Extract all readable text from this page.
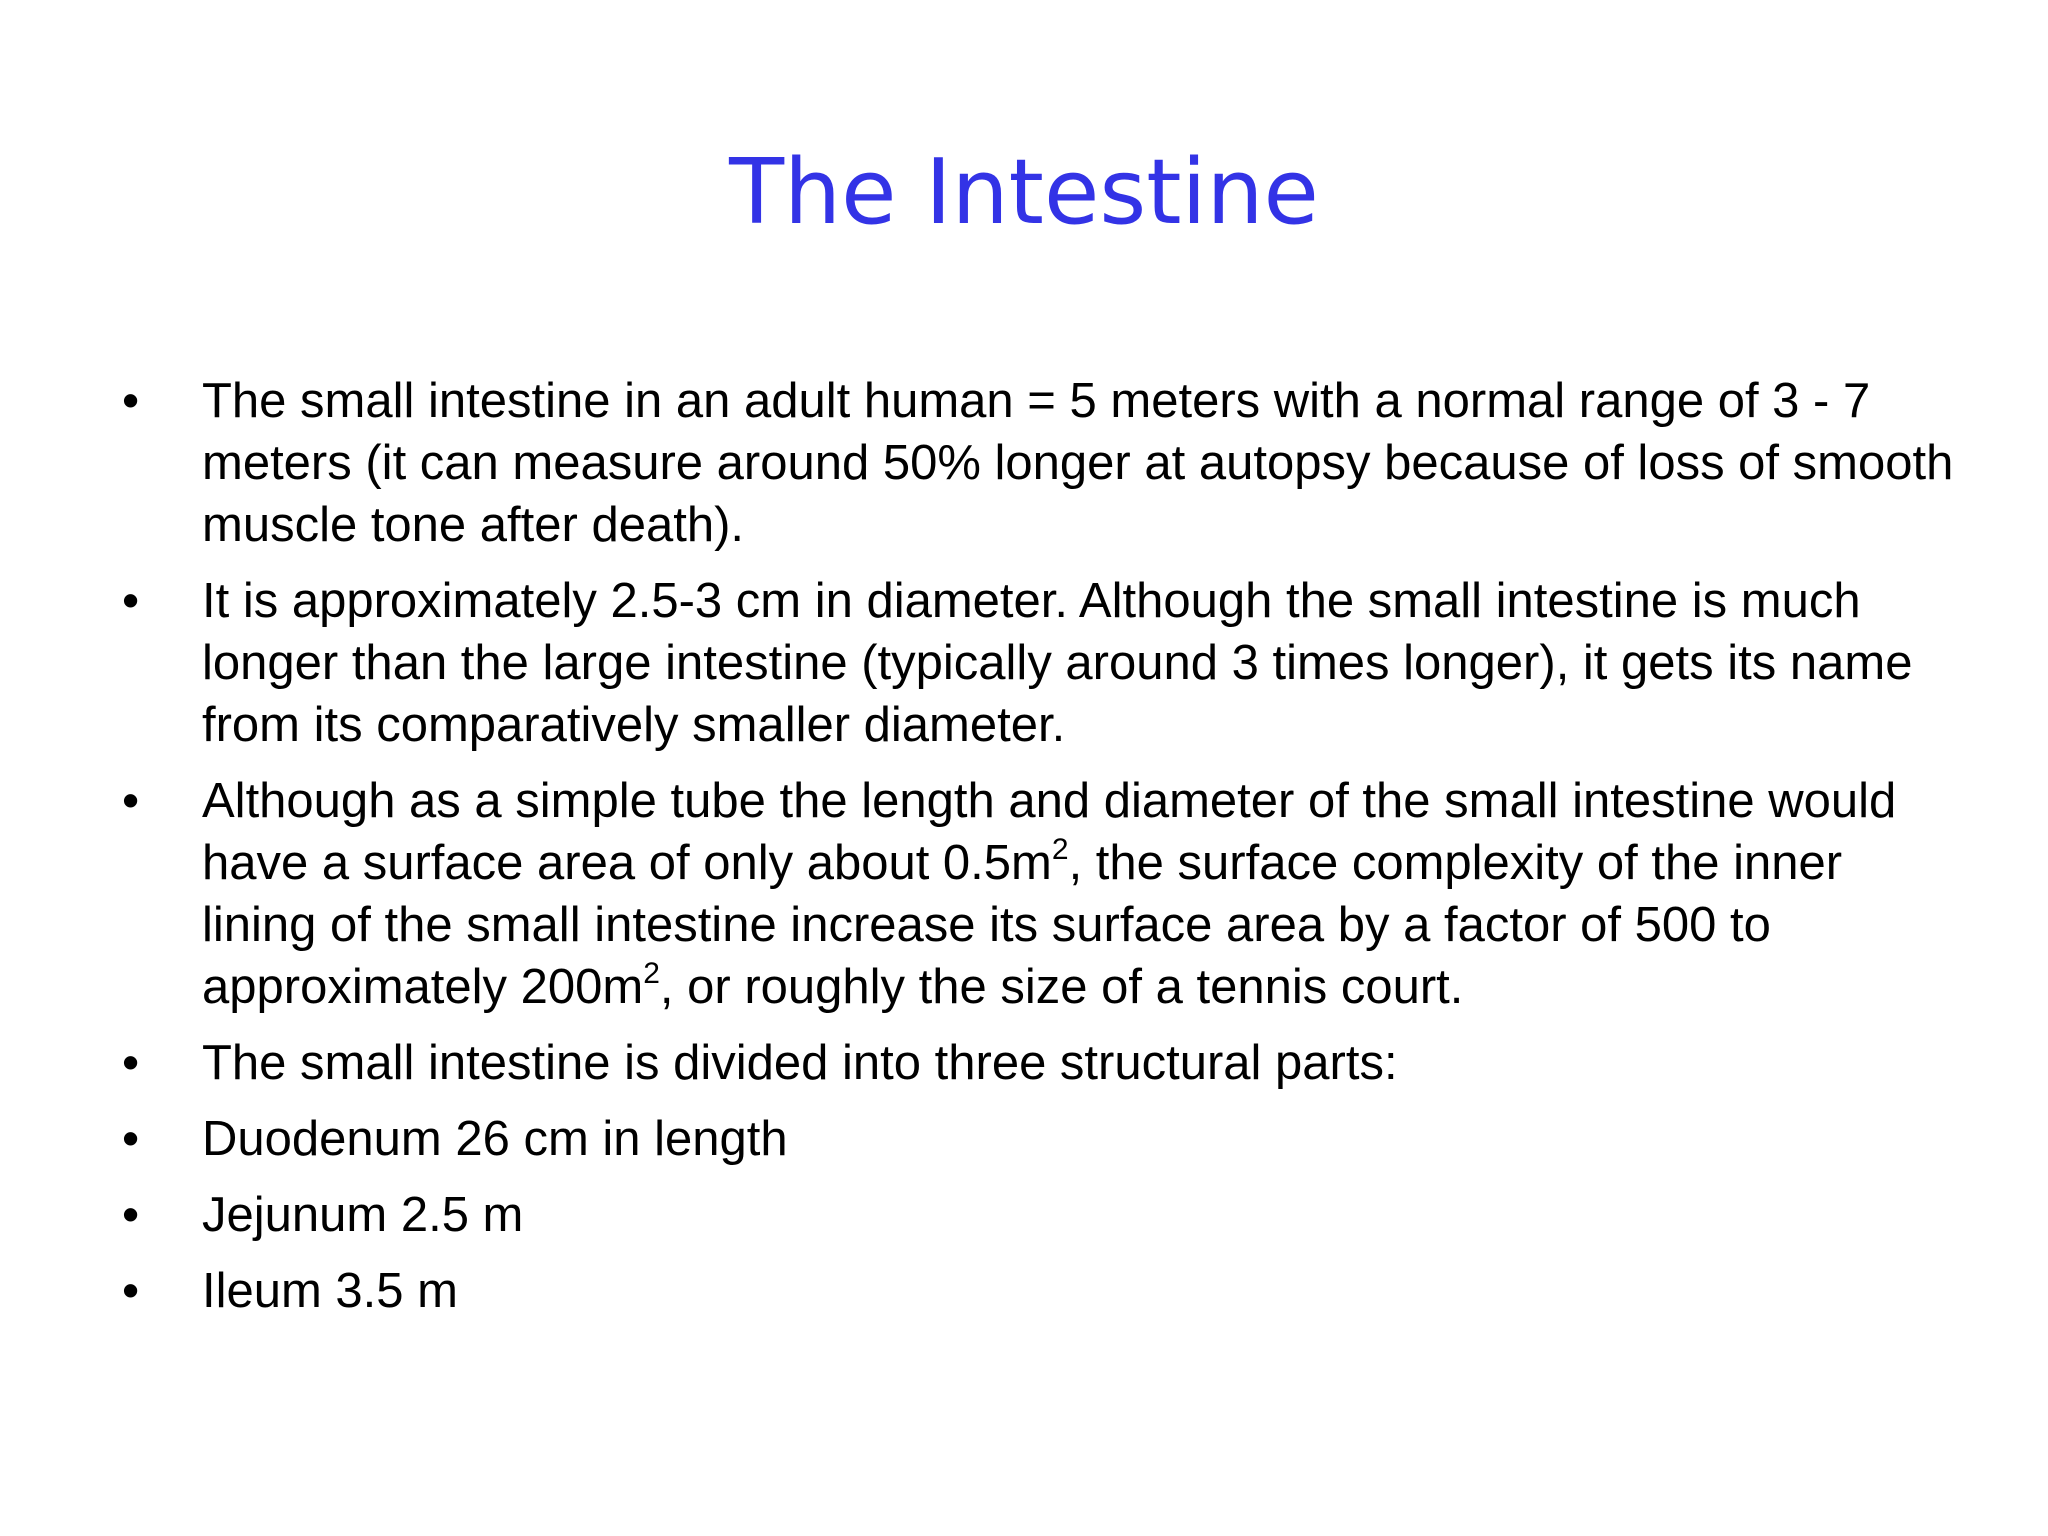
The Intestine
• The small intestine in an adult human = 5 meters with a normal range of 3 - 7 meters (it can measure around 50% longer at autopsy because of loss of smooth muscle tone after death).
• It is approximately 2.5-3 cm in diameter. Although the small intestine is much longer than the large intestine (typically around 3 times longer), it gets its name from its comparatively smaller diameter.
• Although as a simple tube the length and diameter of the small intestine would have a surface area of only about $0.5m^2$, the surface complexity of the inner lining of the small intestine increase its surface area by a factor of 500 to approximately $200m^2$, or roughly the size of a tennis court.
• The small intestine is divided into three structural parts:
• Duodenum 26 cm in length
• Jejunum 2.5 m
• Ileum 3.5 m
